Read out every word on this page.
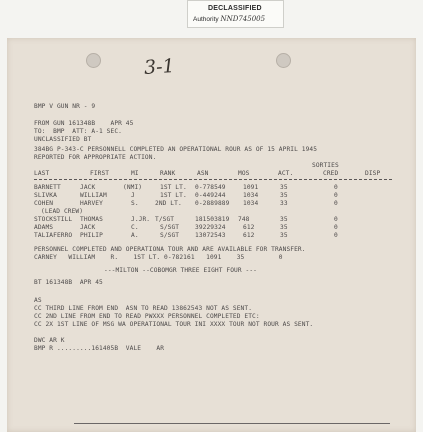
DECLASSIFIED
Authority NND745005
3-1
BMP V GUN NR - 9
FROM GUN 161348B    APR 45
TO:  BMP  ATT: A-1 SEC.
UNCLASSIFIED BT
384BG P-343-C PERSONNELL COMPLETED AN OPERATIONAL ROUR AS OF 15 APRIL 1945
REPORTED FOR APPROPRIATE ACTION.
SORTIES
LAST	FIRST	MI	RANK	ASN	MOS	ACT.	CRED	DISP
BARNETT	JACK	(NMI)	1ST LT. 0-778549	1091	35	0
SLIVKA	WILLIAM	J	1ST LT. 0-449244	1034	35	0
COHEN	HARVEY	S.	2ND LT. 0-2889889 1034	33	0
(LEAD CREW)
STOCKSTILL THOMAS	J.JR. T/SGT	181503819 748	35	0
ADAMS	JACK	C.	S/SGT	39229324	612	35	0
TALIAFERRO PHILIP	A.	S/SGT	13072543	612	35	0
PERSONNEL COMPLETED AND OPERATIONA TOUR AND ARE AVAILABLE FOR TRANSFER.
CARNEY   WILLIAM    R.    1ST LT. 0-782161   1091    35         0
---MILTON --COBOMGR THREE EIGHT FOUR ---
BT 161348B  APR 45
AS
CC THIRD LINE FROM END  ASN TO READ 13862543 NOT AS SENT.
CC 2ND LINE FROM END TO READ PWXXX PERSONNEL COMPLETED ETC:
CC 2X 1ST LINE OF MSG WA OPERATIONAL TOUR INI XXXX TOUR NOT ROUR AS SENT.
DWC AR K
BMP R .........161405B  VALE    AR
